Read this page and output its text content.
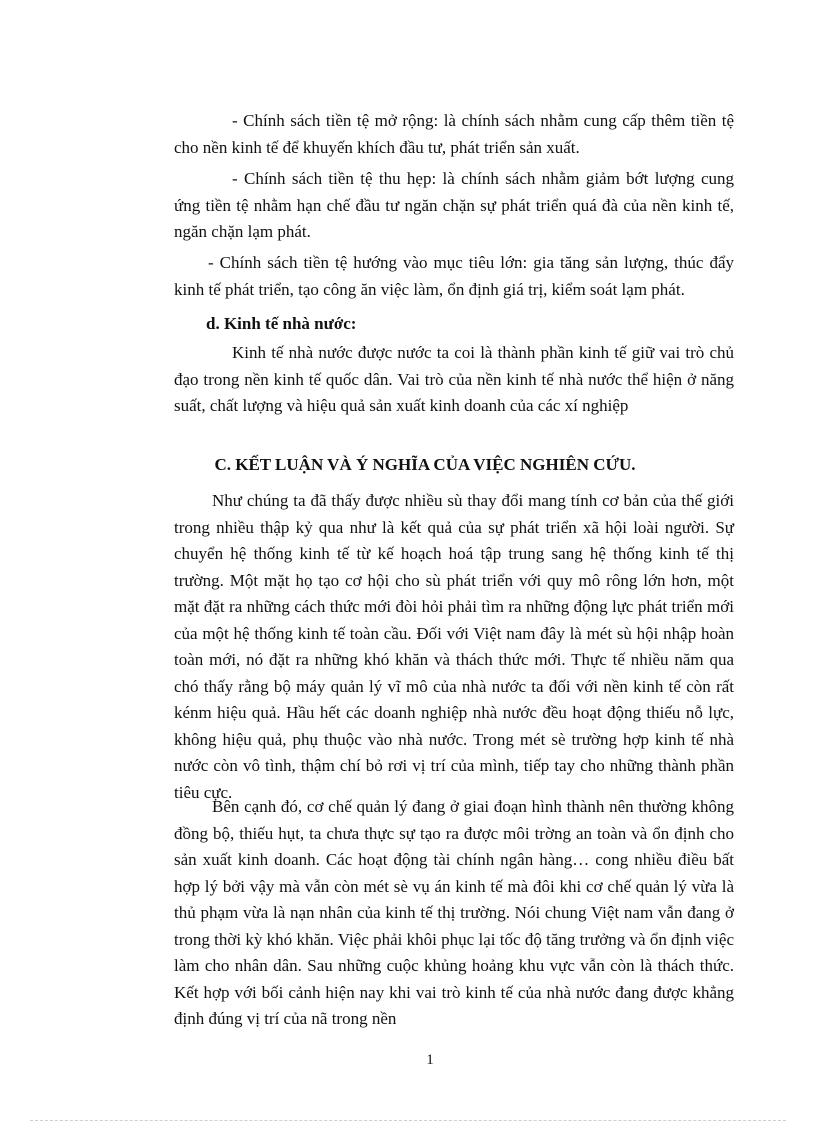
- Chính sách tiền tệ mở rộng: là chính sách nhằm cung cấp thêm tiền tệ cho nền kinh tế để khuyến khích đầu tư, phát triển sản xuất.

- Chính sách tiền tệ thu hẹp: là chính sách nhằm giảm bớt lượng cung ứng tiền tệ nhằm hạn chế đầu tư ngăn chặn sự phát triển quá đà của nền kinh tế, ngăn chặn lạm phát.

- Chính sách tiền tệ hướng vào mục tiêu lớn: gia tăng sản lượng, thúc đẩy kinh tế phát triển, tạo công ăn việc làm, ổn định giá trị, kiểm soát lạm phát.

d. Kinh tế nhà nước:

Kinh tế nhà nước được nước ta coi là thành phần kinh tế giữ vai trò chủ đạo trong nền kinh tế quốc dân. Vai trò của nền kinh tế nhà nước thể hiện ở năng suất, chất lượng và hiệu quả sản xuất kinh doanh của các xí nghiệp

C. KẾT LUẬN VÀ Ý NGHĨA CỦA VIỆC NGHIÊN CỨU.

Như chúng ta đã thấy được nhiều sù thay đổi mang tính cơ bản của thế giới trong nhiều thập kỷ qua như là kết quả của sự phát triển xã hội loài người. Sự chuyển hệ thống kinh tế từ kế hoạch hoá tập trung sang hệ thống kinh tế thị trường. Một mặt họ tạo cơ hội cho sù phát triển với quy mô rông lớn hơn, một mặt đặt ra những cách thức mới đòi hỏi phải tìm ra những động lực phát triển mới của một hệ thống kinh tế toàn cầu. Đối với Việt nam đây là mét sù hội nhập hoàn toàn mới, nó đặt ra những khó khăn và thách thức mới. Thực tế nhiều năm qua chó thấy rằng bộ máy quản lý vĩ mô của nhà nước ta đối với nền kinh tế còn rất kénm hiệu quả. Hầu hết các doanh nghiệp nhà nước đều hoạt động thiếu nỗ lực, không hiệu quả, phụ thuộc vào nhà nước. Trong mét sè trường hợp kinh tế nhà nước còn vô tình, thậm chí bỏ rơi vị trí của mình, tiếp tay cho những thành phần tiêu cực.

Bên cạnh đó, cơ chế quản lý đang ở giai đoạn hình thành nên thường không đồng bộ, thiếu hụt, ta chưa thực sự tạo ra được môi trờng an toàn và ổn định cho sản xuất kinh doanh. Các hoạt động tài chính ngân hàng… cong nhiều điều bất hợp lý bởi vậy mà vẫn còn mét sè vụ án kinh tế mà đôi khi cơ chế quản lý vừa là thủ phạm vừa là nạn nhân của kinh tế thị trường. Nói chung Việt nam vẫn đang ở trong thời kỳ khó khăn. Việc phải khôi phục lại tốc độ tăng trưởng và ổn định việc làm cho nhân dân. Sau những cuộc khủng hoảng khu vực vẫn còn là thách thức. Kết hợp với bối cảnh hiện nay khi vai trò kinh tế của nhà nước đang được khẳng định đúng vị trí của nã trong nền

1
